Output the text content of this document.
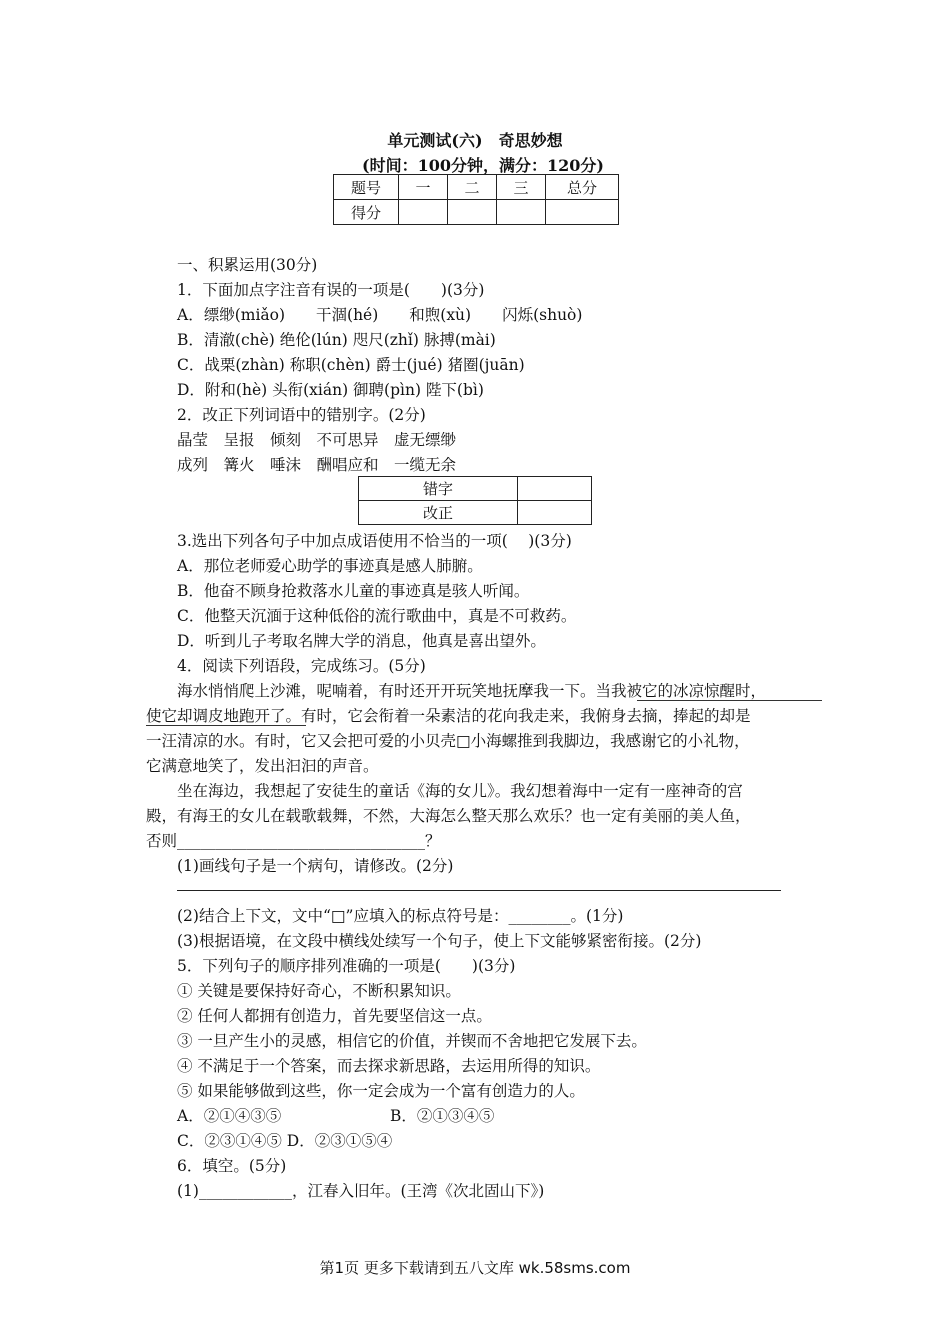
单元测试(六)　奇思妙想
(时间：100分钟，满分：120分)
题号	一	二	三	总分
得分				
一、积累运用(30分)
1．下面加点字注音有误的一项是(　　)(3分)
A．缥缈(miǎo)　　干涸(hé)　　和煦(xù)　　闪烁(shuò)
B．清澈(chè) 绝伦(lún) 咫尺(zhǐ) 脉搏(mài)
C．战栗(zhàn) 称职(chèn) 爵士(jué) 猪圈(juān)
D．附和(hè) 头衔(xián) 御聘(pìn) 陛下(bì)
2．改正下列词语中的错别字。(2分)
晶莹　呈报　倾刻　不可思异　虚无缥缈
成列　篝火　唾沫　酬唱应和　一缆无余
错字	
改正	
3.选出下列各句子中加点成语使用不恰当的一项(　 )(3分)
A．那位老师爱心助学的事迹真是感人肺腑。
B．他奋不顾身抢救落水儿童的事迹真是骇人听闻。
C．他整天沉湎于这种低俗的流行歌曲中，真是不可救药。
D．听到儿子考取名牌大学的消息，他真是喜出望外。
4．阅读下列语段，完成练习。(5分)
海水悄悄爬上沙滩，呢喃着，有时还开开玩笑地抚摩我一下。当我被它的冰凉惊醒时，
使它却调皮地跑开了。有时，它会衔着一朵素洁的花向我走来，我俯身去摘，捧起的却是
一汪清凉的水。有时，它又会把可爱的小贝壳□小海螺推到我脚边，我感谢它的小礼物，
它满意地笑了，发出汩汩的声音。
坐在海边，我想起了安徒生的童话《海的女儿》。我幻想着海中一定有一座神奇的宫
殿，有海王的女儿在载歌载舞，不然，大海怎么整天那么欢乐？也一定有美丽的美人鱼，
否则________________________________？
(1)画线句子是一个病句，请修改。(2分)
(2)结合上下文，文中“□”应填入的标点符号是：________。(1分)
(3)根据语境，在文段中横线处续写一个句子，使上下文能够紧密衔接。(2分)
5．下列句子的顺序排列准确的一项是(　　)(3分)
① 关键是要保持好奇心，不断积累知识。
② 任何人都拥有创造力，首先要坚信这一点。
③ 一旦产生小的灵感，相信它的价值，并锲而不舍地把它发展下去。
④ 不满足于一个答案，而去探求新思路，去运用所得的知识。
⑤ 如果能够做到这些，你一定会成为一个富有创造力的人。
A．②①④③⑤	B．②①③④⑤
C．②③①④⑤ D．②③①⑤④
6．填空。(5分)
(1)____________，江春入旧年。(王湾《次北固山下》)
第1页 更多下载请到五八文库 wk.58sms.com
